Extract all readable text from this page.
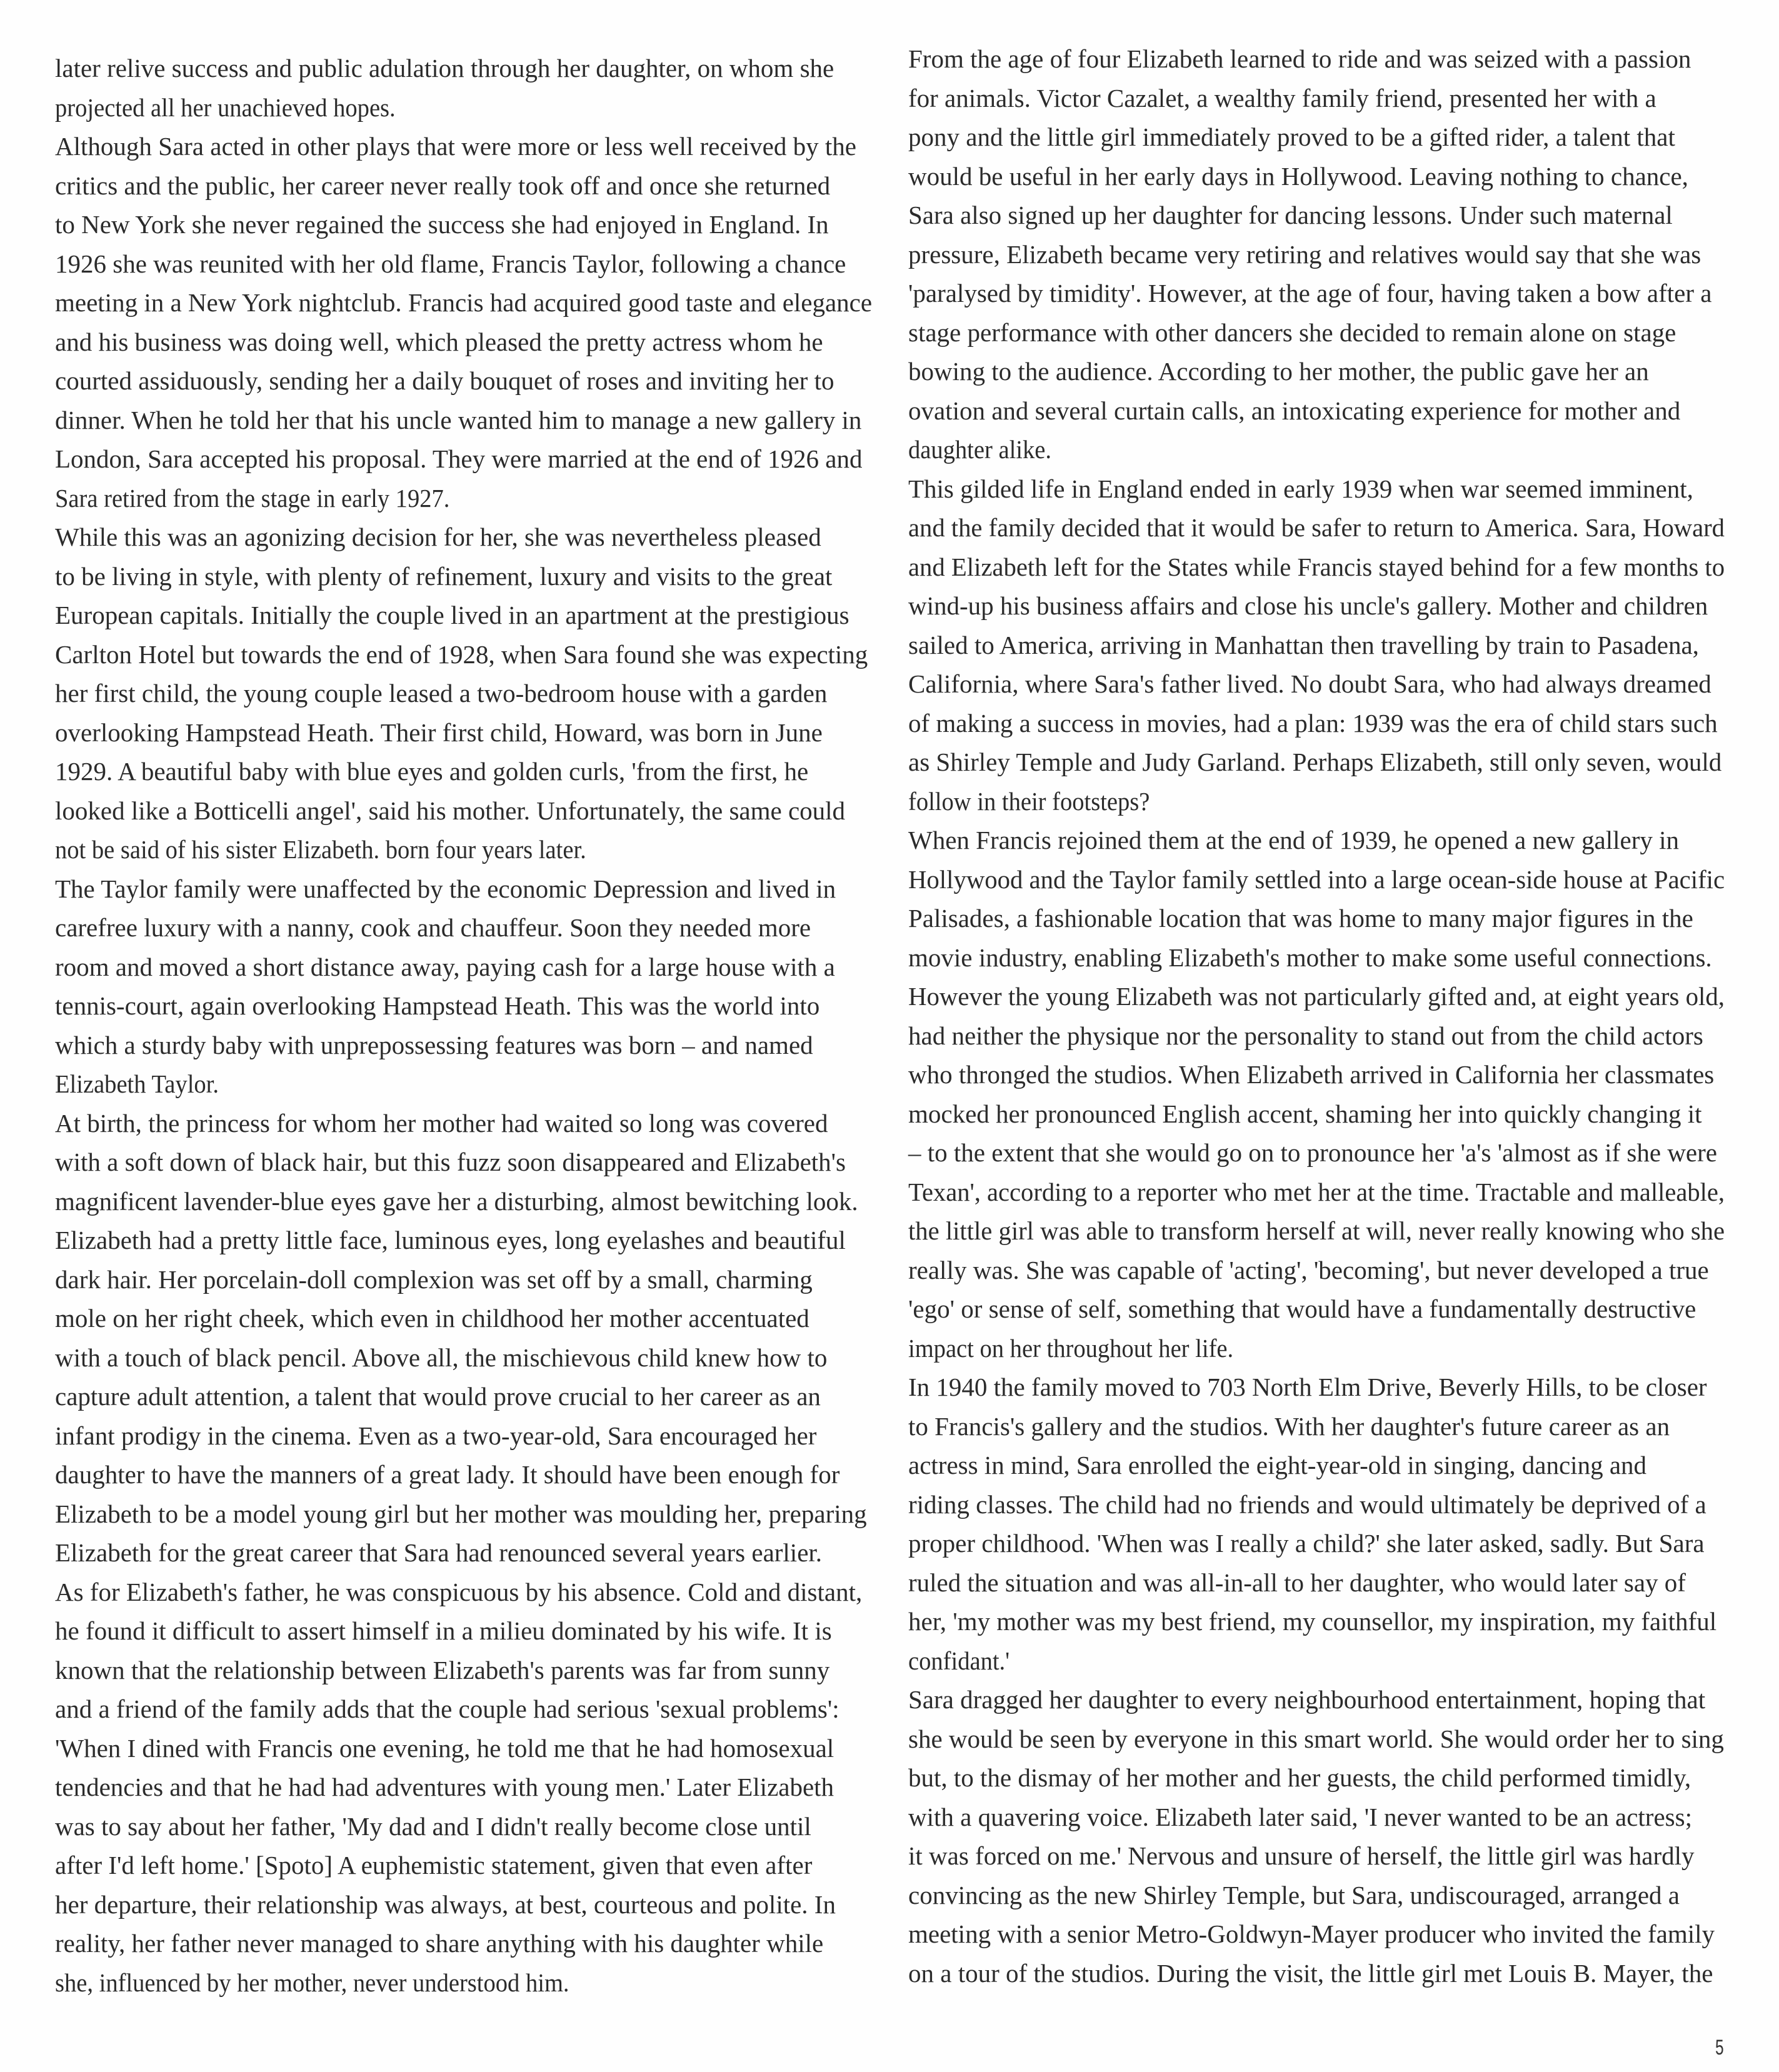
later relive success and public adulation through her daughter, on whom she
projected all her unachieved hopes.
Although Sara acted in other plays that were more or less well received by the
critics and the public, her career never really took off and once she returned
to New York she never regained the success she had enjoyed in England. In
1926 she was reunited with her old flame, Francis Taylor, following a chance
meeting in a New York nightclub. Francis had acquired good taste and elegance
and his business was doing well, which pleased the pretty actress whom he
courted assiduously, sending her a daily bouquet of roses and inviting her to
dinner. When he told her that his uncle wanted him to manage a new gallery in
London, Sara accepted his proposal. They were married at the end of 1926 and
Sara retired from the stage in early 1927.
While this was an agonizing decision for her, she was nevertheless pleased
to be living in style, with plenty of refinement, luxury and visits to the great
European capitals. Initially the couple lived in an apartment at the prestigious
Carlton Hotel but towards the end of 1928, when Sara found she was expecting
her first child, the young couple leased a two-bedroom house with a garden
overlooking Hampstead Heath. Their first child, Howard, was born in June
1929. A beautiful baby with blue eyes and golden curls, 'from the first, he
looked like a Botticelli angel', said his mother. Unfortunately, the same could
not be said of his sister Elizabeth. born four years later.
The Taylor family were unaffected by the economic Depression and lived in
carefree luxury with a nanny, cook and chauffeur. Soon they needed more
room and moved a short distance away, paying cash for a large house with a
tennis-court, again overlooking Hampstead Heath. This was the world into
which a sturdy baby with unprepossessing features was born – and named
Elizabeth Taylor.
At birth, the princess for whom her mother had waited so long was covered
with a soft down of black hair, but this fuzz soon disappeared and Elizabeth's
magnificent lavender-blue eyes gave her a disturbing, almost bewitching look.
Elizabeth had a pretty little face, luminous eyes, long eyelashes and beautiful
dark hair. Her porcelain-doll complexion was set off by a small, charming
mole on her right cheek, which even in childhood her mother accentuated
with a touch of black pencil. Above all, the mischievous child knew how to
capture adult attention, a talent that would prove crucial to her career as an
infant prodigy in the cinema. Even as a two-year-old, Sara encouraged her
daughter to have the manners of a great lady. It should have been enough for
Elizabeth to be a model young girl but her mother was moulding her, preparing
Elizabeth for the great career that Sara had renounced several years earlier.
As for Elizabeth's father, he was conspicuous by his absence. Cold and distant,
he found it difficult to assert himself in a milieu dominated by his wife. It is
known that the relationship between Elizabeth's parents was far from sunny
and a friend of the family adds that the couple had serious 'sexual problems':
'When I dined with Francis one evening, he told me that he had homosexual
tendencies and that he had had adventures with young men.' Later Elizabeth
was to say about her father, 'My dad and I didn't really become close until
after I'd left home.' [Spoto] A euphemistic statement, given that even after
her departure, their relationship was always, at best, courteous and polite. In
reality, her father never managed to share anything with his daughter while
she, influenced by her mother, never understood him.
From the age of four Elizabeth learned to ride and was seized with a passion
for animals. Victor Cazalet, a wealthy family friend, presented her with a
pony and the little girl immediately proved to be a gifted rider, a talent that
would be useful in her early days in Hollywood. Leaving nothing to chance,
Sara also signed up her daughter for dancing lessons. Under such maternal
pressure, Elizabeth became very retiring and relatives would say that she was
'paralysed by timidity'. However, at the age of four, having taken a bow after a
stage performance with other dancers she decided to remain alone on stage
bowing to the audience. According to her mother, the public gave her an
ovation and several curtain calls, an intoxicating experience for mother and
daughter alike.
This gilded life in England ended in early 1939 when war seemed imminent,
and the family decided that it would be safer to return to America. Sara, Howard
and Elizabeth left for the States while Francis stayed behind for a few months to
wind-up his business affairs and close his uncle's gallery. Mother and children
sailed to America, arriving in Manhattan then travelling by train to Pasadena,
California, where Sara's father lived. No doubt Sara, who had always dreamed
of making a success in movies, had a plan: 1939 was the era of child stars such
as Shirley Temple and Judy Garland. Perhaps Elizabeth, still only seven, would
follow in their footsteps?
When Francis rejoined them at the end of 1939, he opened a new gallery in
Hollywood and the Taylor family settled into a large ocean-side house at Pacific
Palisades, a fashionable location that was home to many major figures in the
movie industry, enabling Elizabeth's mother to make some useful connections.
However the young Elizabeth was not particularly gifted and, at eight years old,
had neither the physique nor the personality to stand out from the child actors
who thronged the studios. When Elizabeth arrived in California her classmates
mocked her pronounced English accent, shaming her into quickly changing it
– to the extent that she would go on to pronounce her 'a's 'almost as if she were
Texan', according to a reporter who met her at the time. Tractable and malleable,
the little girl was able to transform herself at will, never really knowing who she
really was. She was capable of 'acting', 'becoming', but never developed a true
'ego' or sense of self, something that would have a fundamentally destructive
impact on her throughout her life.
In 1940 the family moved to 703 North Elm Drive, Beverly Hills, to be closer
to Francis's gallery and the studios. With her daughter's future career as an
actress in mind, Sara enrolled the eight-year-old in singing, dancing and
riding classes. The child had no friends and would ultimately be deprived of a
proper childhood. 'When was I really a child?' she later asked, sadly. But Sara
ruled the situation and was all-in-all to her daughter, who would later say of
her, 'my mother was my best friend, my counsellor, my inspiration, my faithful
confidant.'
Sara dragged her daughter to every neighbourhood entertainment, hoping that
she would be seen by everyone in this smart world. She would order her to sing
but, to the dismay of her mother and her guests, the child performed timidly,
with a quavering voice. Elizabeth later said, 'I never wanted to be an actress;
it was forced on me.' Nervous and unsure of herself, the little girl was hardly
convincing as the new Shirley Temple, but Sara, undiscouraged, arranged a
meeting with a senior Metro-Goldwyn-Mayer producer who invited the family
on a tour of the studios. During the visit, the little girl met Louis B. Mayer, the
5
